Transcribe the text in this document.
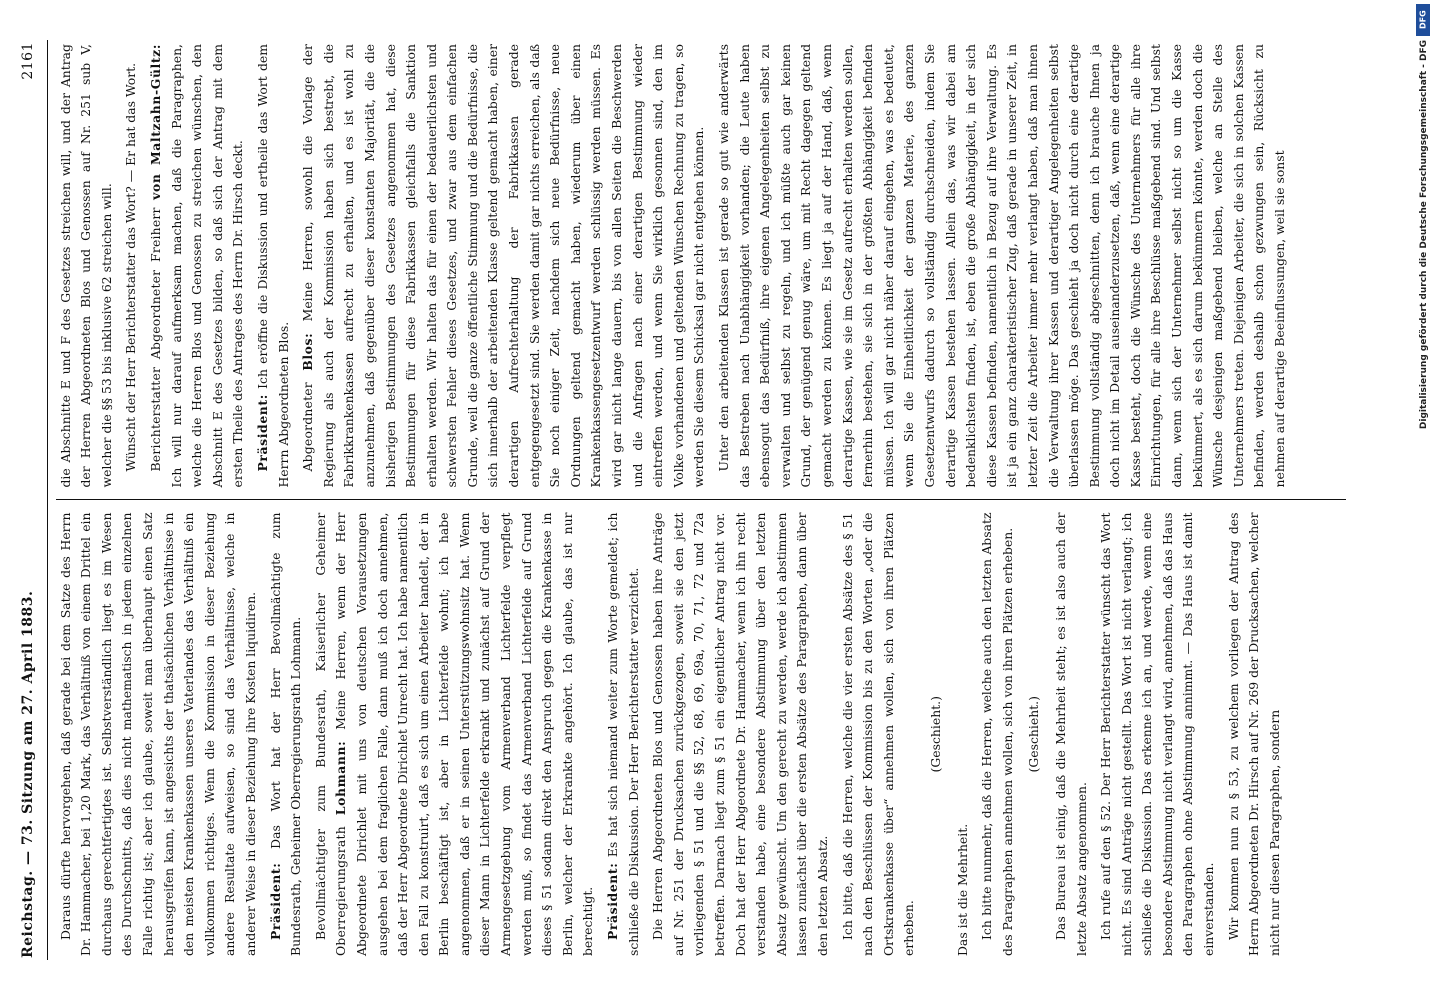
Reichstag. — 73. Sitzung am 27. April 1883.
2161

Daraus dürfte hervorgehen, daß gerade bei dem Satze des Herrn Dr. Hammacher, bei 1,20 Mark, das Verhältniß von einem Drittel ein durchaus gerechtfertigtes ist. Selbstverständlich liegt es im Wesen des Durchschnitts, daß dies nicht mathematisch in jedem einzelnen Falle richtig ist; aber ich glaube, soweit man überhaupt einen Satz herausgreifen kann, ist angesichts der thatsächlichen Verhältnisse in den meisten Krankenkassen unseres Vaterlandes das Verhältniß ein vollkommen richtiges. Wenn die Kommission in dieser Beziehung andere Resultate aufweisen, so sind das Verhältnisse, welche in anderer Weise in dieser Beziehung ihre Kosten liquidiren. Präsident: Das Wort hat der Herr Bevollmächtigte zum Bundesrath, Geheimer Oberregierungsrath Lohmann. Bevollmächtigter zum Bundesrath, Kaiserlicher Geheimer Oberregierungsrath Lohmann: Meine Herren, wenn der Herr Abgeordnete Dirichlet mit uns von deutschen Vorausetzungen ausgehen bei dem fraglichen Falle, dann muß ich doch annehmen, daß der Herr Abgeordnete Dirichlet Unrecht hat. Ich habe namentlich den Fall zu konstruirt, daß es sich um einen Arbeiter handelt, der in Berlin beschäftigt ist, aber in Lichterfelde wohnt; ich habe angenommen, daß er in seinen Unterstützungswohnsitz hat. Wenn dieser Mann in Lichterfelde erkrankt und zunächst auf Grund der Armengesetzgebung vom Armenverband Lichterfelde verpflegt werden muß, so findet das Armenverband Lichterfelde auf Grund dieses § 51 sodann direkt den Anspruch gegen die Krankenkasse in Berlin, welcher der Erkrankte angehört. Ich glaube, das ist nur berechtigt. Präsident: Es hat sich niemand weiter zum Worte gemeldet; ich schließe die Diskussion. Der Herr Berichterstatter verzichtet. Die Herren Abgeordneten Blos und Genossen haben ihre Anträge auf Nr. 251 der Drucksachen zurückgezogen, soweit sie den jetzt vorliegenden § 51 und die §§ 52, 68, 69, 69a, 70, 71, 72 und 72a betreffen. Darnach liegt zum § 51 ein eigentlicher Antrag nicht vor. Doch hat der Herr Abgeordnete Dr. Hammacher, wenn ich ihn recht verstanden habe, eine besondere Abstimmung über den letzten Absatz gewünscht. Um den gerecht zu werden, werde ich abstimmen lassen zunächst über die ersten Absätze des Paragraphen, dann über den letzten Absatz. Ich bitte, daß die Herren, welche die vier ersten Absätze des § 51 nach den Beschlüssen der Kommission bis zu den Worten „oder die Ortskrankenkasse über“ annehmen wollen, sich von ihren Plätzen erheben.

(Geschieht.)

Das ist die Mehrheit. Ich bitte nunmehr, daß die Herren, welche auch den letzten Absatz des Paragraphen annehmen wollen, sich von ihren Plätzen erheben. (Geschieht.) Das Bureau ist einig, daß die Mehrheit steht; es ist also auch der letzte Absatz angenommen. Ich rufe auf den § 52. Der Herr Berichterstatter wünscht das Wort nicht. Es sind Anträge nicht gestellt. Das Wort ist nicht verlangt; ich schließe die Diskussion. Das erkenne ich an, und werde, wenn eine besondere Abstimmung nicht verlangt wird, annehmen, daß das Haus den Paragraphen ohne Abstimmung annimmt. — Das Haus ist damit einverstanden. Wir kommen nun zu § 53, zu welchem vorliegen der Antrag des Herrn Abgeordneten Dr. Hirsch auf Nr. 269 der Drucksachen, welcher nicht nur diesen Paragraphen, sondern

die Abschnitte E und F des Gesetzes streichen will, und der Antrag der Herren Abgeordneten Blos und Genossen auf Nr. 251 sub V, welcher die §§ 53 bis inklusive 62 streichen will. Wünscht der Herr Berichterstatter das Wort? — Er hat das Wort. Berichterstatter Abgeordneter Freiherr von Maltzahn-Gültz: Ich will nur darauf aufmerksam machen, daß die Paragraphen, welche die Herren Blos und Genossen zu streichen wünschen, den Abschnitt E des Gesetzes bilden, so daß sich der Antrag mit dem ersten Theile des Antrages des Herrn Dr. Hirsch deckt. Präsident: Ich eröffne die Diskussion und ertheile das Wort dem Herrn Abgeordneten Blos. Abgeordneter Blos: Meine Herren, sowohl die Vorlage der Regierung als auch der Kommission haben sich bestrebt, die Fabrikkrankenkassen aufrecht zu erhalten, und es ist wohl zu anzunehmen, daß gegenüber dieser konstanten Majorität, die die bisherigen Bestimmungen des Gesetzes angenommen hat, diese Bestimmungen für diese Fabrikkassen gleichfalls die Sanktion erhalten werden. Wir halten das für einen der bedauerlichsten und schwersten Fehler dieses Gesetzes, und zwar aus dem einfachen Grunde, weil die ganze öffentliche Stimmung und die Bedürfnisse, die sich innerhalb der arbeitenden Klasse geltend gemacht haben, einer derartigen Aufrechterhaltung der Fabrikkassen gerade entgegengesetzt sind. Sie werden damit gar nichts erreichen, als daß Sie noch einiger Zeit, nachdem sich neue Bedürfnisse, neue Ordnungen geltend gemacht haben, wiederum über einen Krankenkassengesetzentwurf werden schlüssig werden müssen. Es wird gar nicht lange dauern, bis von allen Seiten die Beschwerden und die Anfragen nach einer derartigen Bestimmung wieder eintreffen werden, und wenn Sie wirklich gesonnen sind, den im Volke vorhandenen und geltenden Wünschen Rechnung zu tragen, so werden Sie diesem Schicksal gar nicht entgehen können. Unter den arbeitenden Klassen ist gerade so gut wie anderwärts das Bestreben nach Unabhängigkeit vorhanden; die Leute haben ebensogut das Bedürfniß, ihre eigenen Angelegenheiten selbst zu verwalten und selbst zu regeln, und ich müßte auch gar keinen Grund, der genügend genug wäre, um mit Recht dagegen geltend gemacht werden zu können. Es liegt ja auf der Hand, daß, wenn derartige Kassen, wie sie im Gesetz aufrecht erhalten werden sollen, fernerhin bestehen, sie sich in der größten Abhängigkeit befinden müssen. Ich will gar nicht näher darauf eingehen, was es bedeutet, wenn Sie die Einheitlichkeit der ganzen Materie, des ganzen Gesetzentwurfs dadurch so vollständig durchschneiden, indem Sie derartige Kassen bestehen lassen. Allein das, was wir dabei am bedenklichsten finden, ist, eben die große Abhängigkeit, in der sich diese Kassen befinden, namentlich in Bezug auf ihre Verwaltung. Es ist ja ein ganz charakteristischer Zug, daß gerade in unserer Zeit, in letzter Zeit die Arbeiter immer mehr verlangt haben, daß man ihnen die Verwaltung ihrer Kassen und derartiger Angelegenheiten selbst überlassen möge. Das geschieht ja doch nicht durch eine derartige Bestimmung vollständig abgeschnitten, denn ich brauche Ihnen ja doch nicht im Detail auseinanderzusetzen, daß, wenn eine derartige Kasse besteht, doch die Wünsche des Unternehmers für alle ihre Einrichtungen, für alle ihre Beschlüsse maßgebend sind. Und selbst dann, wenn sich der Unternehmer selbst nicht so um die Kasse bekümmert, als es sich darum bekümmern könnte, werden doch die Wünsche desjenigen maßgebend bleiben, welche an Stelle des Unternehmers treten. Diejenigen Arbeiter, die sich in solchen Kassen befinden, werden deshalb schon gezwungen sein, Rücksicht zu nehmen auf derartige Beeinflussungen, weil sie sonst

DFG
Digitalisierung gefördert durch die Deutsche Forschungsgemeinschaft - DFG
